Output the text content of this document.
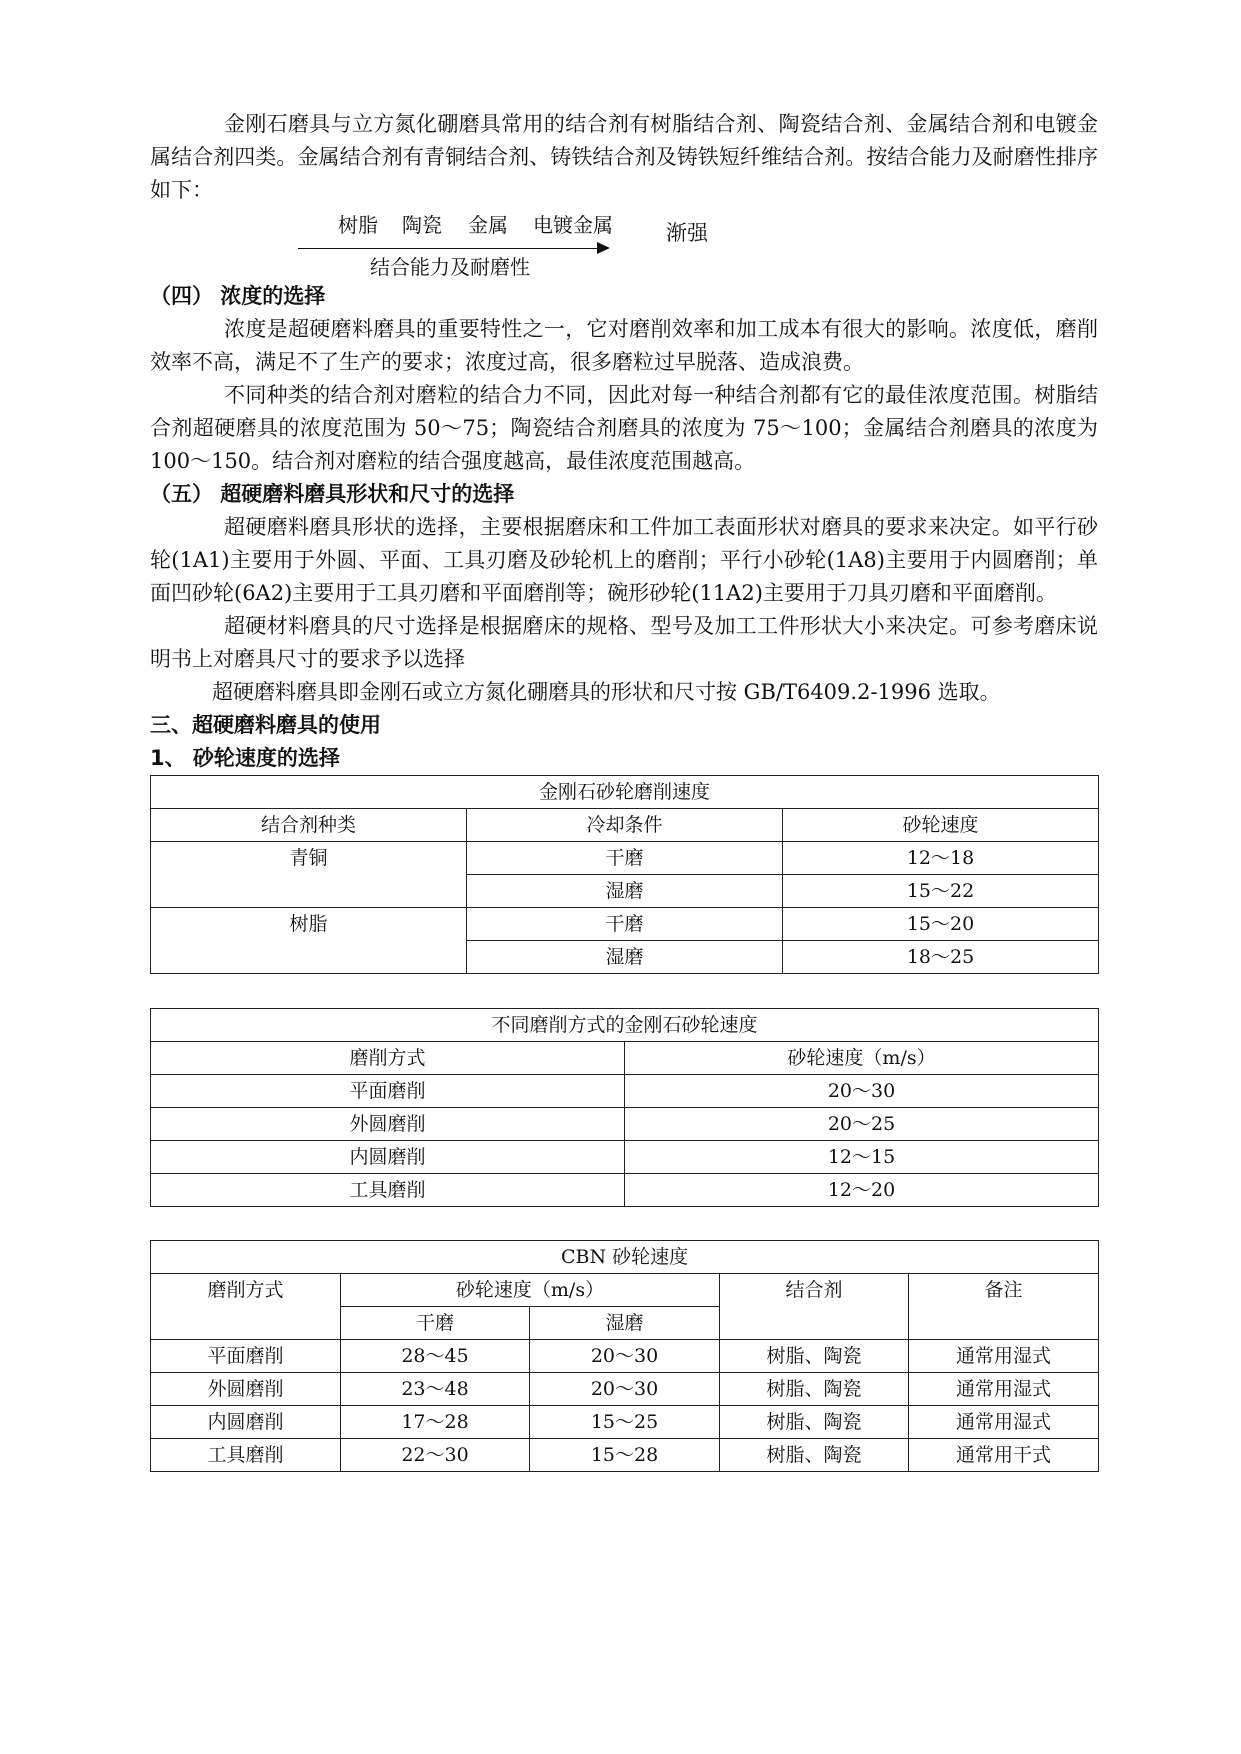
金刚石磨具与立方氮化硼磨具常用的结合剂有树脂结合剂、陶瓷结合剂、金属结合剂和电镀金属结合剂四类。金属结合剂有青铜结合剂、铸铁结合剂及铸铁短纤维结合剂。按结合能力及耐磨性排序如下：

树脂 陶瓷 金属 电镀金属
结合能力及耐磨性
渐强
（四） 浓度的选择

浓度是超硬磨料磨具的重要特性之一，它对磨削效率和加工成本有很大的影响。浓度低，磨削效率不高，满足不了生产的要求；浓度过高，很多磨粒过早脱落、造成浪费。

不同种类的结合剂对磨粒的结合力不同，因此对每一种结合剂都有它的最佳浓度范围。树脂结合剂超硬磨具的浓度范围为 50～75；陶瓷结合剂磨具的浓度为 75～100；金属结合剂磨具的浓度为 100～150。结合剂对磨粒的结合强度越高，最佳浓度范围越高。

（五） 超硬磨料磨具形状和尺寸的选择

超硬磨料磨具形状的选择，主要根据磨床和工件加工表面形状对磨具的要求来决定。如平行砂轮(1A1)主要用于外圆、平面、工具刃磨及砂轮机上的磨削；平行小砂轮(1A8)主要用于内圆磨削；单面凹砂轮(6A2)主要用于工具刃磨和平面磨削等；碗形砂轮(11A2)主要用于刀具刃磨和平面磨削。

超硬材料磨具的尺寸选择是根据磨床的规格、型号及加工工件形状大小来决定。可参考磨床说明书上对磨具尺寸的要求予以选择

超硬磨料磨具即金刚石或立方氮化硼磨具的形状和尺寸按 GB/T6409.2-1996 选取。

三、超硬磨料磨具的使用
1、 砂轮速度的选择
金刚石砂轮磨削速度		
结合剂种类	冷却条件	砂轮速度
青铜	干磨	12～18
	湿磨	15～22
树脂	干磨	15～20
	湿磨	18～25
不同磨削方式的金刚石砂轮速度	
磨削方式	砂轮速度（m/s）
平面磨削	20～30
外圆磨削	20～25
内圆磨削	12～15
工具磨削	12～20
CBN 砂轮速度				
磨削方式	砂轮速度（m/s）		结合剂	备注
	干磨	湿磨		
平面磨削	28～45	20～30	树脂、陶瓷	通常用湿式
外圆磨削	23～48	20～30	树脂、陶瓷	通常用湿式
内圆磨削	17～28	15～25	树脂、陶瓷	通常用湿式
工具磨削	22～30	15～28	树脂、陶瓷	通常用干式
